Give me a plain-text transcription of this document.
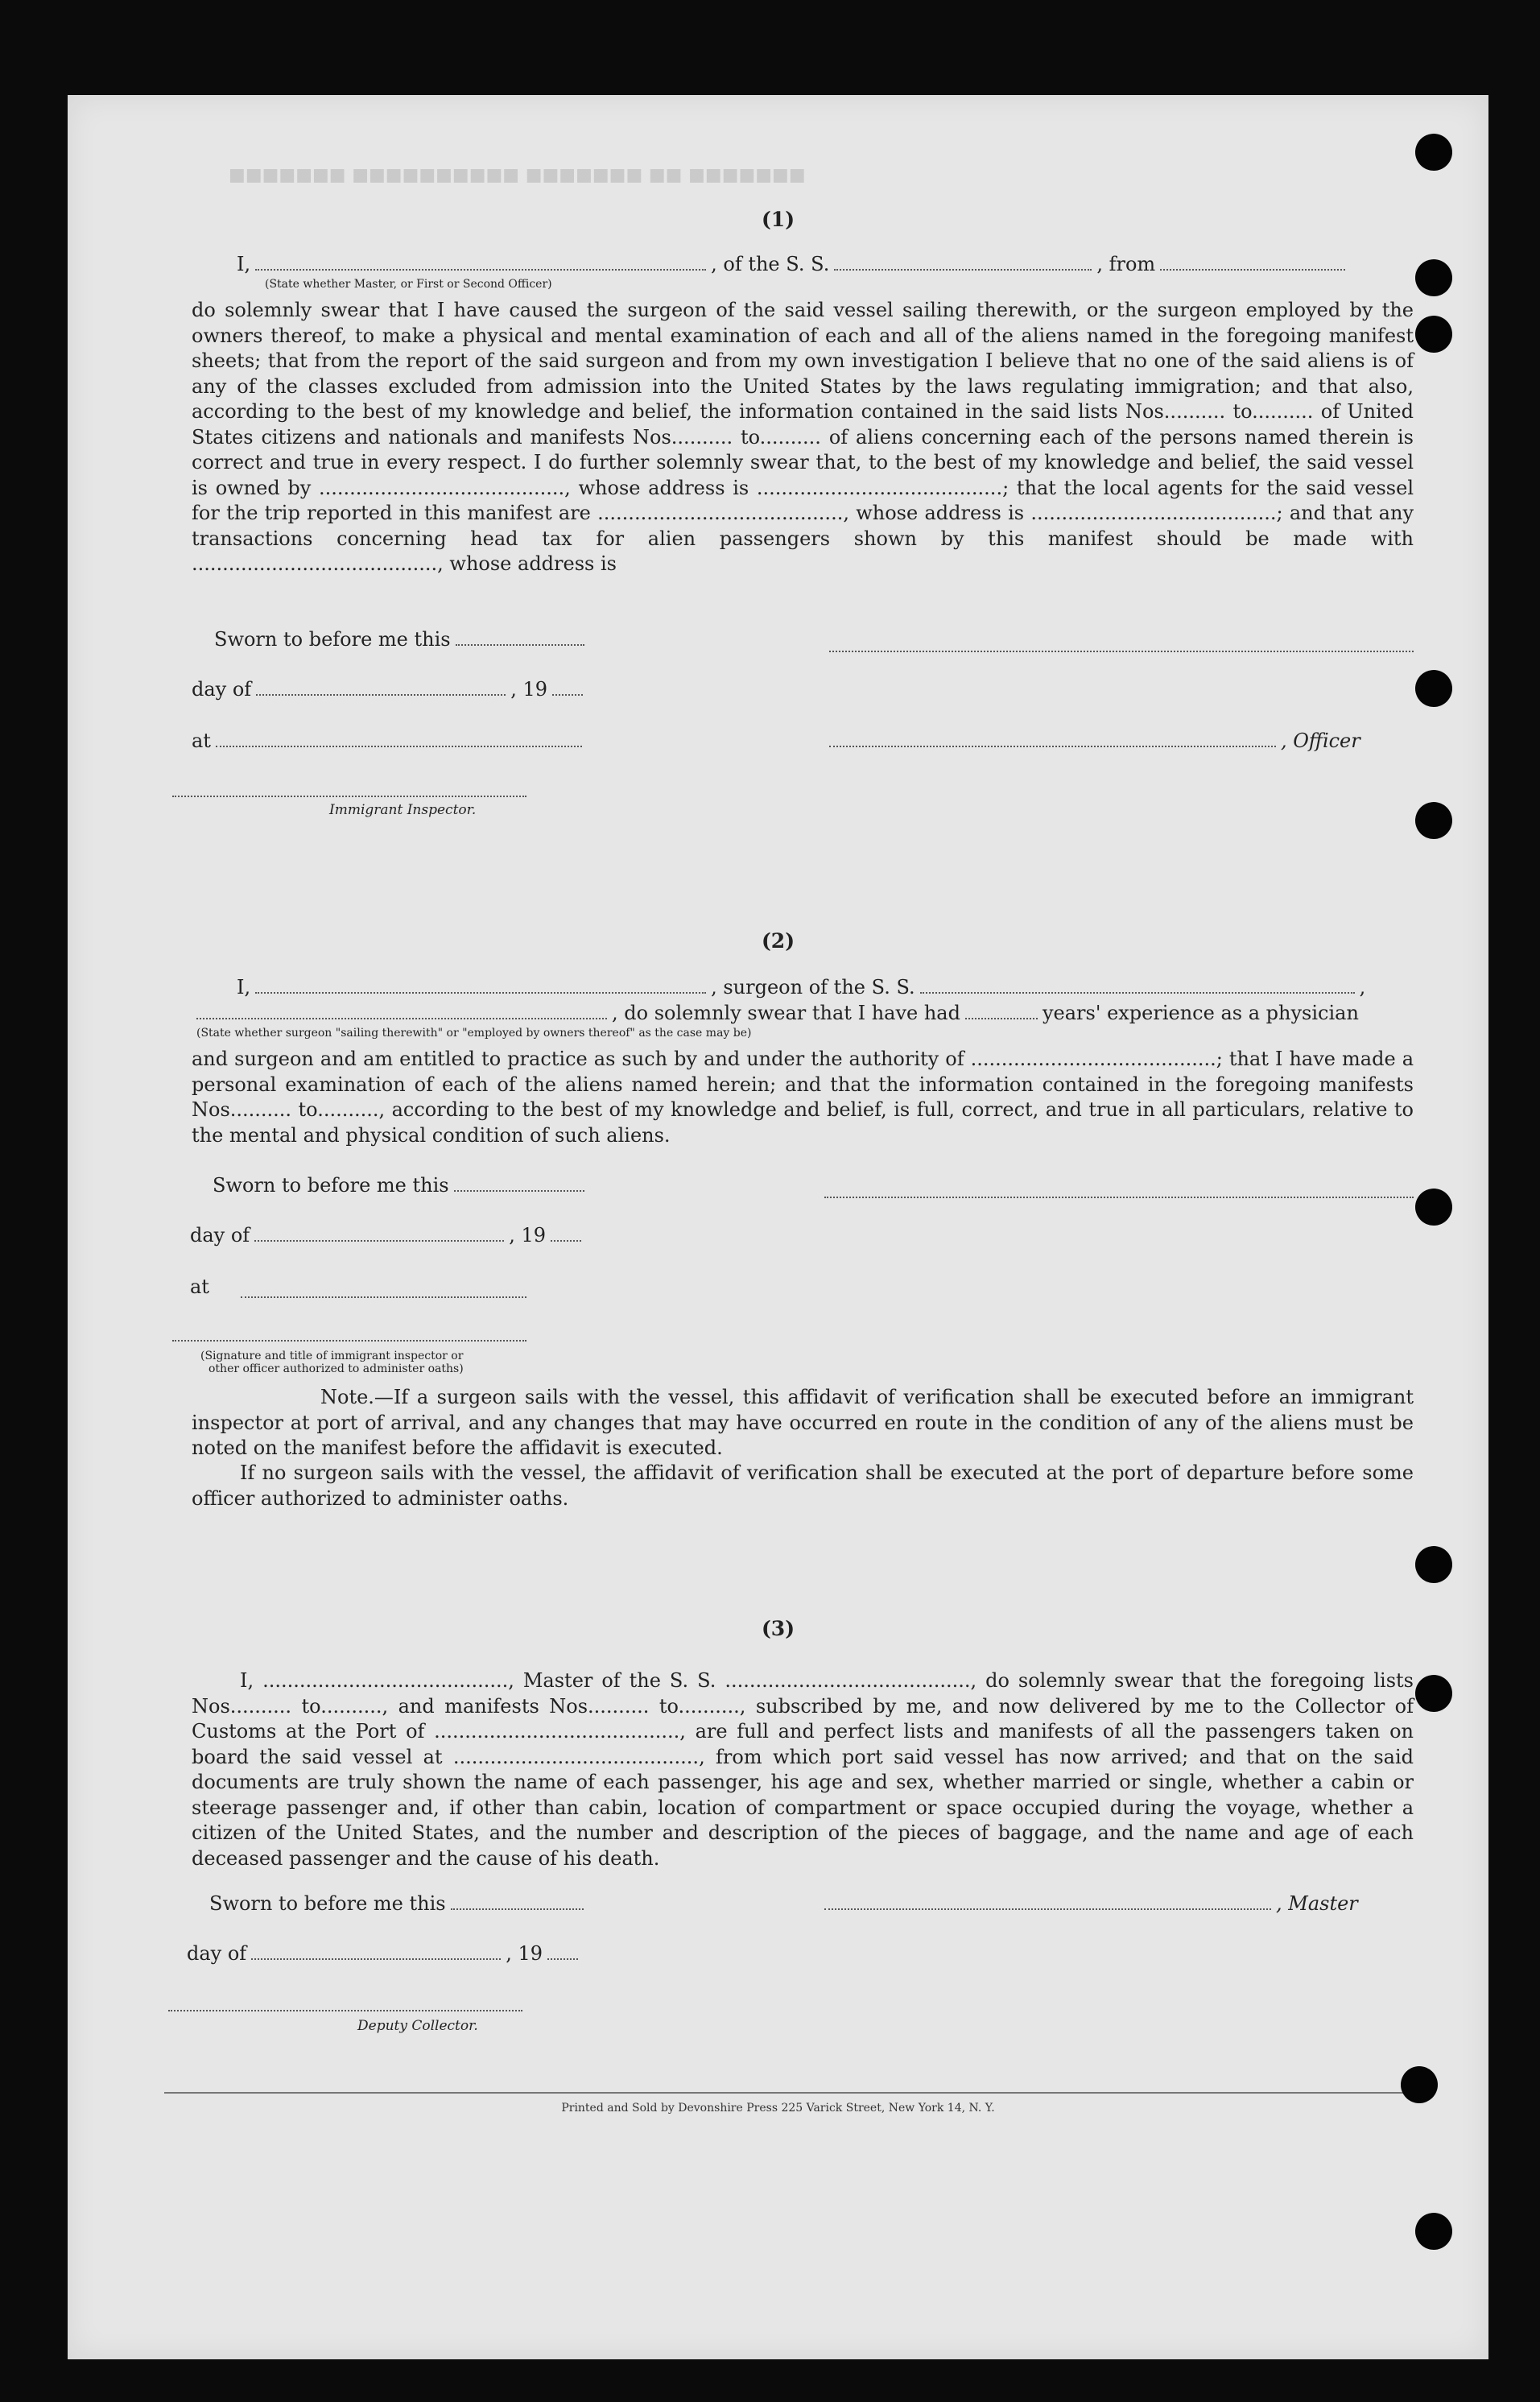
■■■■■■■ ■■ ■■■■■■■ ■■■■■■■■■■ ■■■■■■■
(1)
I,	, of the S. S.	, from
(State whether Master, or First or Second Officer)
do solemnly swear that I have caused the surgeon of the said vessel sailing therewith, or the surgeon employed by the owners thereof, to make a physical and mental examination of each and all of the aliens named in the foregoing manifest sheets; that from the report of the said surgeon and from my own investigation I believe that no one of the said aliens is of any of the classes excluded from admission into the United States by the laws regulating immigration; and that also, according to the best of my knowledge and belief, the information contained in the said lists Nos.......... to.......... of United States citizens and nationals and manifests Nos.......... to.......... of aliens concerning each of the persons named therein is correct and true in every respect. I do further solemnly swear that, to the best of my knowledge and belief, the said vessel is owned by ........................................, whose address is ........................................; that the local agents for the said vessel for the trip reported in this manifest are ........................................, whose address is ........................................; and that any transactions concerning head tax for alien passengers shown by this manifest should be made with ........................................, whose address is
Sworn to before me this
day of	, 19
at	, Officer
Immigrant Inspector.
(2)
I,	, surgeon of the S. S.	,
, do solemnly swear that I have had	years' experience as a physician
(State whether surgeon "sailing therewith" or "employed by owners thereof" as the case may be)
and surgeon and am entitled to practice as such by and under the authority of ........................................; that I have made a personal examination of each of the aliens named herein; and that the information contained in the foregoing manifests Nos.......... to.........., according to the best of my knowledge and belief, is full, correct, and true in all particulars, relative to the mental and physical condition of such aliens.
Sworn to before me this
day of	, 19
at
(Signature and title of immigrant inspector or
other officer authorized to administer oaths)
Note.—If a surgeon sails with the vessel, this affidavit of verification shall be executed before an immigrant inspector at port of arrival, and any changes that may have occurred en route in the condition of any of the aliens must be noted on the manifest before the affidavit is executed.
If no surgeon sails with the vessel, the affidavit of verification shall be executed at the port of departure before some officer authorized to administer oaths.
(3)
I, ........................................, Master of the S. S. ........................................, do solemnly swear that the foregoing lists Nos.......... to.........., and manifests Nos.......... to.........., subscribed by me, and now delivered by me to the Collector of Customs at the Port of ........................................, are full and perfect lists and manifests of all the passengers taken on board the said vessel at ........................................, from which port said vessel has now arrived; and that on the said documents are truly shown the name of each passenger, his age and sex, whether married or single, whether a cabin or steerage passenger and, if other than cabin, location of compartment or space occupied during the voyage, whether a citizen of the United States, and the number and description of the pieces of baggage, and the name and age of each deceased passenger and the cause of his death.
Sworn to before me this	, Master
day of	, 19
Deputy Collector.
Printed and Sold by Devonshire Press 225 Varick Street, New York 14, N. Y.
